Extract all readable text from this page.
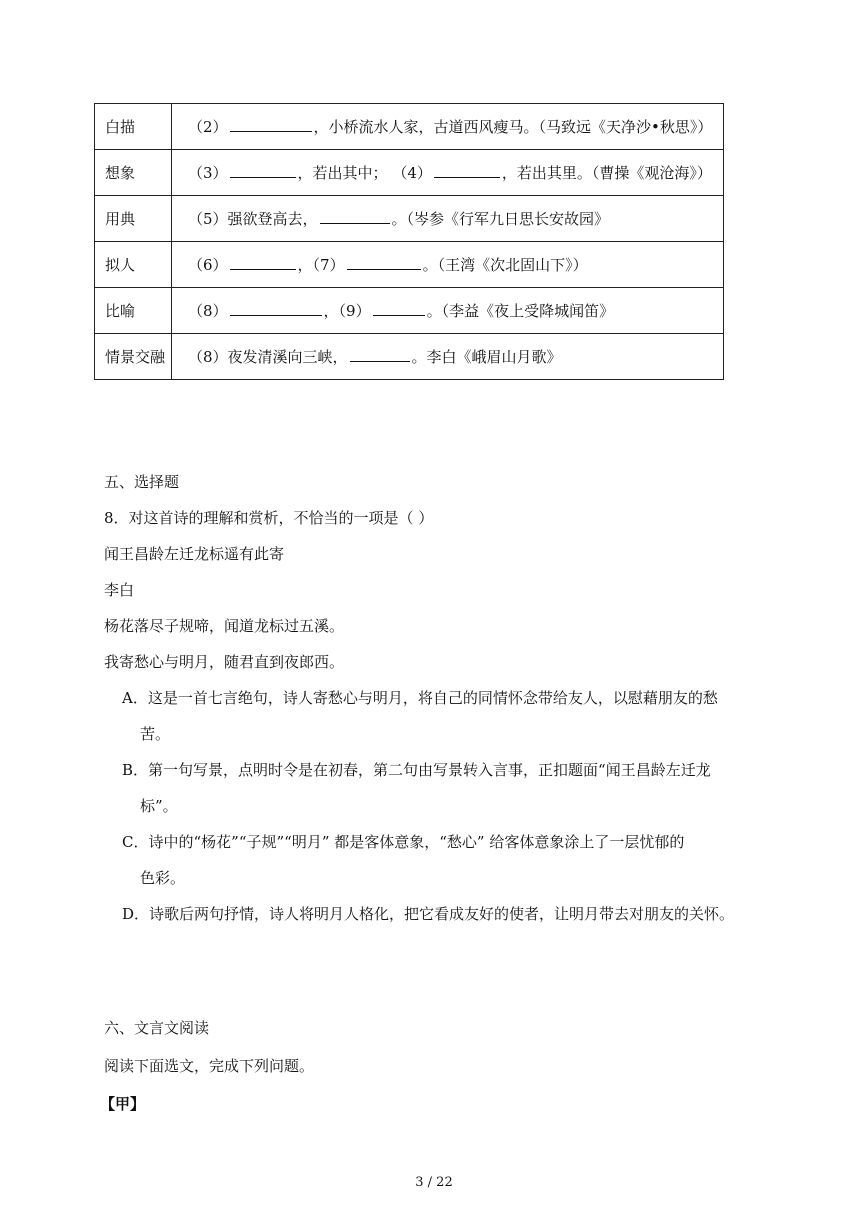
白描	（2） ，小桥流水人家，古道西风瘦马。（马致远《天净沙•秋思》）
想象	（3） ，若出其中； （4） ，若出其里。（曹操《观沧海》）
用典	（5）强欲登高去， 。（岑参《行军九日思长安故园》
拟人	（6） ，（7） 。（王湾《次北固山下》）
比喻	（8） ，（9） 。（李益《夜上受降城闻笛》
情景交融	（8）夜发清溪向三峡， 。李白《峨眉山月歌》
五、选择题
8．对这首诗的理解和赏析，不恰当的一项是（ ）
闻王昌龄左迁龙标遥有此寄
李白
杨花落尽子规啼，闻道龙标过五溪。
我寄愁心与明月，随君直到夜郎西。
A．这是一首七言绝句，诗人寄愁心与明月，将自己的同情怀念带给友人，以慰藉朋友的愁
苦。
B．第一句写景，点明时令是在初春，第二句由写景转入言事，正扣题面“闻王昌龄左迁龙
标”。
C．诗中的“杨花”“子规”“明月” 都是客体意象，“愁心” 给客体意象涂上了一层忧郁的
色彩。
D．诗歌后两句抒情，诗人将明月人格化，把它看成友好的使者，让明月带去对朋友的关怀。
六、文言文阅读
阅读下面选文，完成下列问题。
【甲】
3 / 22
